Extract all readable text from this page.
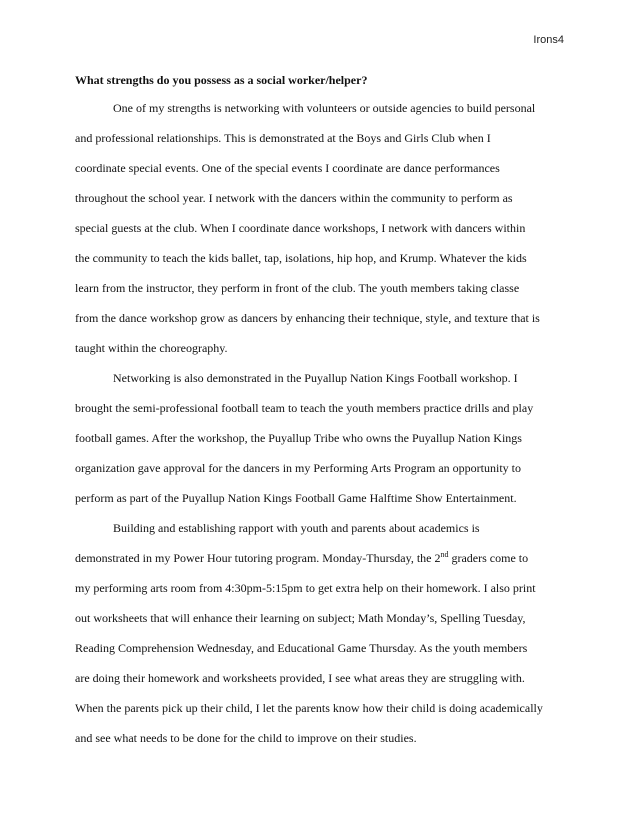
Irons4
What strengths do you possess as a social worker/helper?
One of my strengths is networking with volunteers or outside agencies to build personal
and professional relationships. This is demonstrated at the Boys and Girls Club when I
coordinate special events. One of the special events I coordinate are dance performances
throughout the school year. I network with the dancers within the community to perform as
special guests at the club. When I coordinate dance workshops, I network with dancers within
the community to teach the kids ballet, tap, isolations, hip hop, and Krump. Whatever the kids
learn from the instructor, they perform in front of the club. The youth members taking classe
from the dance workshop grow as dancers by enhancing their technique, style, and texture that is
taught within the choreography.
Networking is also demonstrated in the Puyallup Nation Kings Football workshop. I
brought the semi-professional football team to teach the youth members practice drills and play
football games. After the workshop, the Puyallup Tribe who owns the Puyallup Nation Kings
organization gave approval for the dancers in my Performing Arts Program an opportunity to
perform as part of the Puyallup Nation Kings Football Game Halftime Show Entertainment.
Building and establishing rapport with youth and parents about academics is
demonstrated in my Power Hour tutoring program. Monday-Thursday, the 2nd graders come to
my performing arts room from 4:30pm-5:15pm to get extra help on their homework. I also print
out worksheets that will enhance their learning on subject; Math Monday’s, Spelling Tuesday,
Reading Comprehension Wednesday, and Educational Game Thursday. As the youth members
are doing their homework and worksheets provided, I see what areas they are struggling with.
When the parents pick up their child, I let the parents know how their child is doing academically
and see what needs to be done for the child to improve on their studies.
